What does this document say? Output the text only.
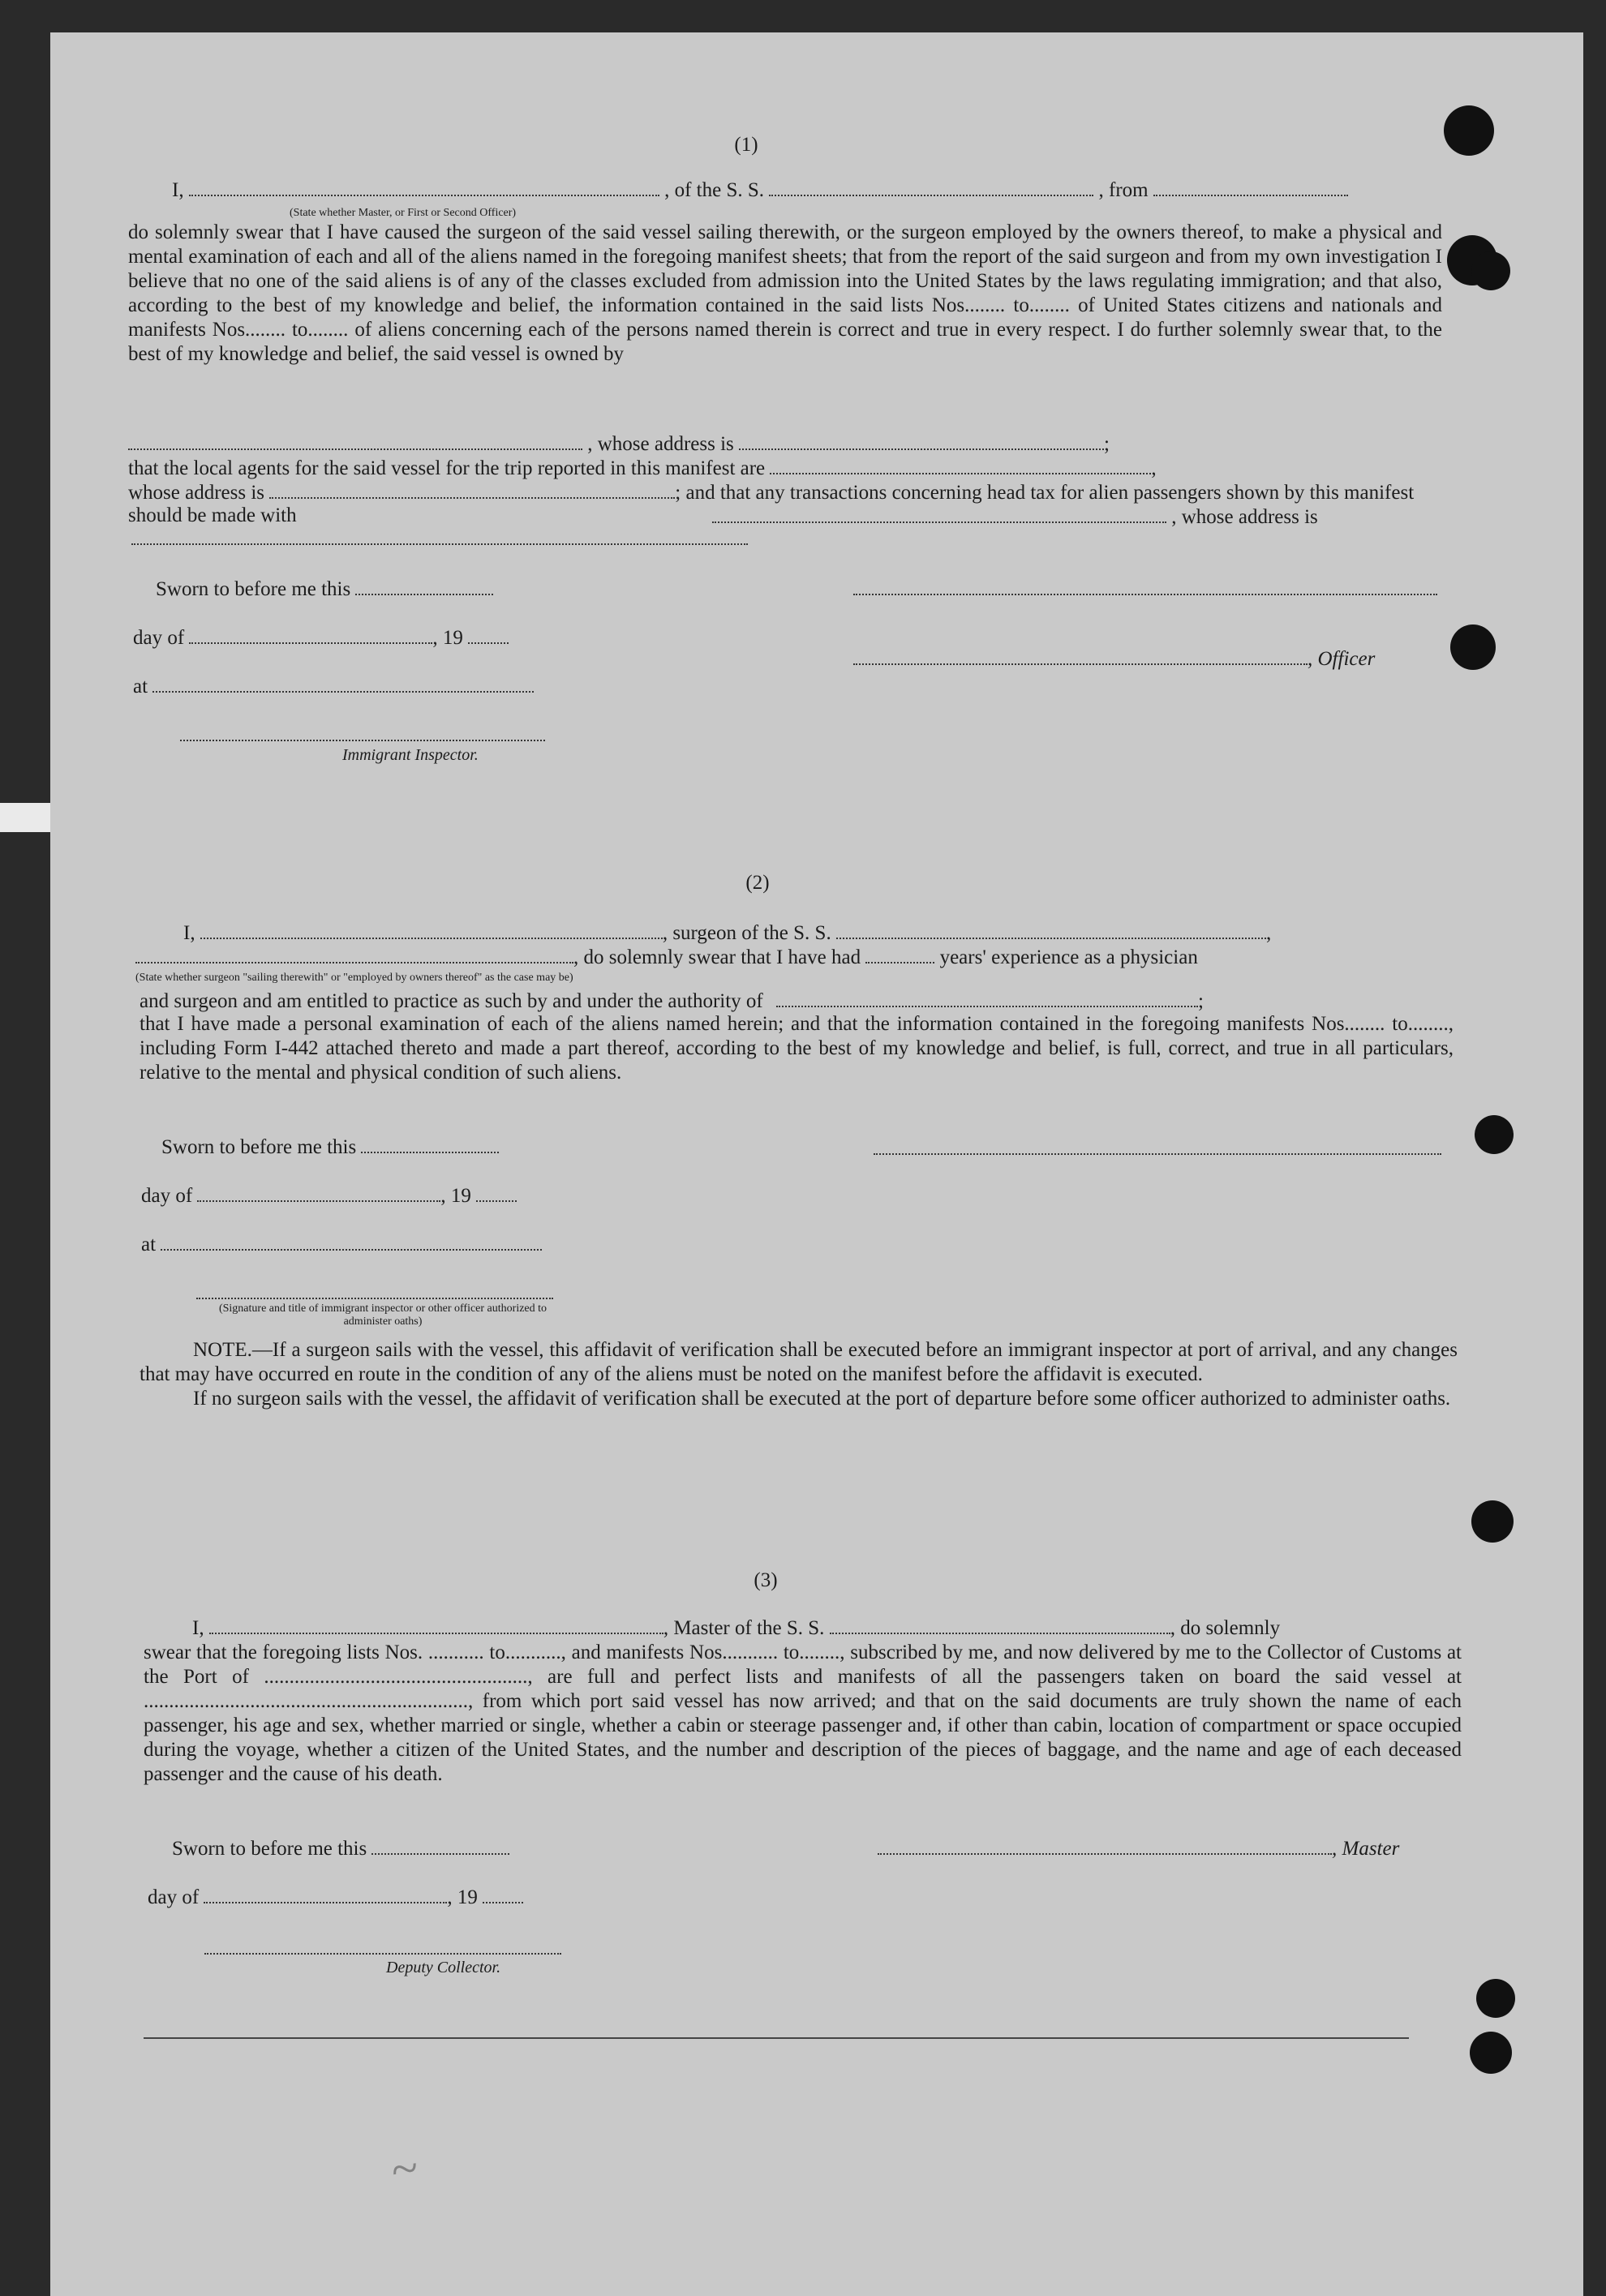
(1)
I,	, of the S. S.	, from
(State whether Master, or First or Second Officer)

do solemnly swear that I have caused the surgeon of the said vessel sailing therewith, or the surgeon employed by the owners thereof, to make a physical and mental examination of each and all of the aliens named in the foregoing manifest sheets; that from the report of the said surgeon and from my own investigation I believe that no one of the said aliens is of any of the classes excluded from admission into the United States by the laws regulating immigration; and that also, according to the best of my knowledge and belief, the information contained in the said lists Nos........ to........ of United States citizens and nationals and manifests Nos........ to........ of aliens concerning each of the persons named therein is correct and true in every respect. I do further solemnly swear that, to the best of my knowledge and belief, the said vessel is owned by

, whose address is	;
that the local agents for the said vessel for the trip reported in this manifest are	,
whose address is	; and that any transactions concerning head tax for alien passengers shown by this manifest should be made with	, whose address is
Sworn to before me this
day of	, 19
, Officer
at
Immigrant Inspector.
(2)
I,	, surgeon of the S. S.	,
, do solemnly swear that I have had	years' experience as a physician
(State whether surgeon "sailing therewith" or "employed by owners thereof" as the case may be)
and surgeon and am entitled to practice as such by and under the authority of	;

that I have made a personal examination of each of the aliens named herein; and that the information contained in the foregoing manifests Nos........ to........, including Form I-442 attached thereto and made a part thereof, according to the best of my knowledge and belief, is full, correct, and true in all particulars, relative to the mental and physical condition of such aliens.

Sworn to before me this
day of	, 19
at
(Signature and title of immigrant inspector or other officer authorized to administer oaths)

NOTE.—If a surgeon sails with the vessel, this affidavit of verification shall be executed before an immigrant inspector at port of arrival, and any changes that may have occurred en route in the condition of any of the aliens must be noted on the manifest before the affidavit is executed.

If no surgeon sails with the vessel, the affidavit of verification shall be executed at the port of departure before some officer authorized to administer oaths.

(3)
I,	, Master of the S. S.	, do solemnly

swear that the foregoing lists Nos. ........... to..........., and manifests Nos........... to........, subscribed by me, and now delivered by me to the Collector of Customs at the Port of ...................................................., are full and perfect lists and manifests of all the passengers taken on board the said vessel at ................................................................, from which port said vessel has now arrived; and that on the said documents are truly shown the name of each passenger, his age and sex, whether married or single, whether a cabin or steerage passenger and, if other than cabin, location of compartment or space occupied during the voyage, whether a citizen of the United States, and the number and description of the pieces of baggage, and the name and age of each deceased passenger and the cause of his death.

Sworn to before me this	, Master
day of	, 19
Deputy Collector.
~
